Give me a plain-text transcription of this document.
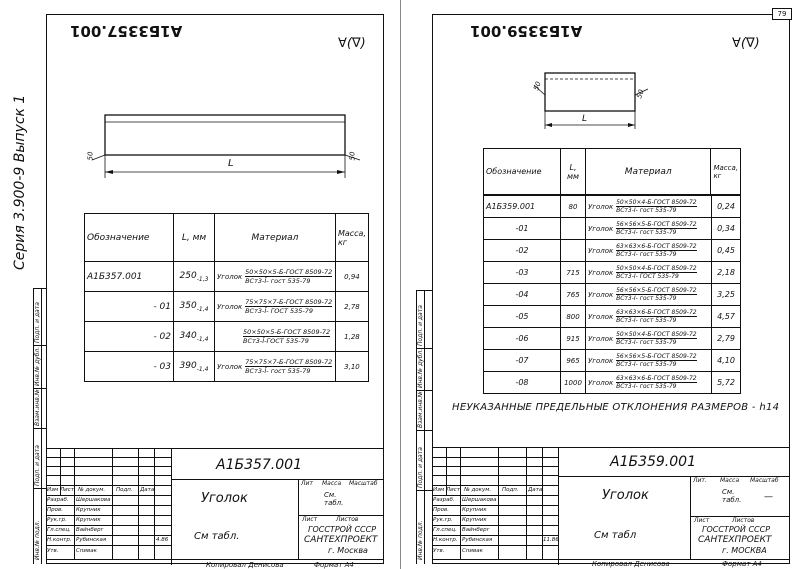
A1Б3357.001
∀(∇)
Серия 3.900-9 Выпуск 1	L
50	50
Обозначение	L, мм	Материал	Масса, кг
А1Б357.001	$250_{-1,3}$	Уголок
50×50×5-Б-ГОСТ 8509-72
ВСт3-Ī- гост 535-79	0,94
- 01	$350_{-1,4}$	Уголок
75×75×7-Б-ГОСТ 8509-72
ВСт3-Ī- ГОСТ 535-79	2,78
- 02	$340_{-1,4}$	50×50×5-Б-ГОСТ 8509-72
ВСт3-Ī-ГОСТ 535-79	1,28
- 03	$390_{-1,4}$	Уголок
75×75×7-Б-ГОСТ 8509-72
ВСт3-Ī- гост 535-79	3,10
Подп. и дата
Инв.№ дубл.
Взам.инв.№
Подп. и дата
Инв.№ подл.
А1Б357.001
Уголок
См табл.
Лит Масса Масштаб
См. табл.
Лист	Листов
ГОССТРОЙ СССР
САНТЕХПРОЕКТ
г. Москва
Копировал Денисова	Формат А4
Изм Лист № докум. Подп. Дата
Разраб. Шершакова
Пров. Крупник
Рук.гр. Крупник
Гл.спец. Вайнберг
Н.контр. Рубинская
Утв.	Спивак
4.86
79
A1Б3359.001
∀(∇)
L
50
50
Обозначение	L, мм	Материал	Масса, кг
А1Б359.001	80	Уголок
50×50×4-Б-ГОСТ 8509-72
ВСт3-Ī- гост 535-79	0,24
-01		Уголок
56×56×5-Б-ГОСТ 8509-72
ВСт3-Ī- гост 535-79	0,34
-02		Уголок
63×63×6-Б-ГОСТ 8509-72
ВСт3-Ī- гост 535-79	0,45
-03	715	Уголок
50×50×4-Б-ГОСТ 8509-72
ВСт3-Ī- ГОСТ 535-79	2,18
-04	765	Уголок
56×56×5-Б-ГОСТ 8509-72
ВСт3-Ī- гост 535-79	3,25
-05	800	Уголок
63×63×6-Б-ГОСТ 8509-72
ВСт3-Ī- гост 535-79	4,57
-06	915	Уголок
50×50×4-Б-ГОСТ 8509-72
ВСт3-Ī- гост 535-79	2,79
-07	965	Уголок
56×56×5-Б-ГОСТ 8509-72
ВСт3-Ī- гост 535-79	4,10
-08	1000	Уголок
63×63×6-Б-ГОСТ 8509-72
ВСт3-Ī- гост 535-79	5,72
НЕУКАЗАННЫЕ ПРЕДЕЛЬНЫЕ ОТКЛОНЕНИЯ РАЗМЕРОВ - h14
Подп. и дата
Инв.№ дубл.
Взам.инв.№
Подп. и дата
Инв.№ подл.
А1Б359.001
Уголок
См табл
Лит. Масса Масштаб
См. табл.	—
Лист	Листов
ГОССТРОЙ СССР
САНТЕХПРОЕКТ
г. МОСКВА
Копировал Денисова	Формат А4
Изм Лист № докум. Подп. Дата
Разраб. Шершакова
Пров. Крупник
Рук.гр. Крупник
Гл.спец. Вайнберг
Н.контр. Рубинская
Утв.	Спивак
11.86
